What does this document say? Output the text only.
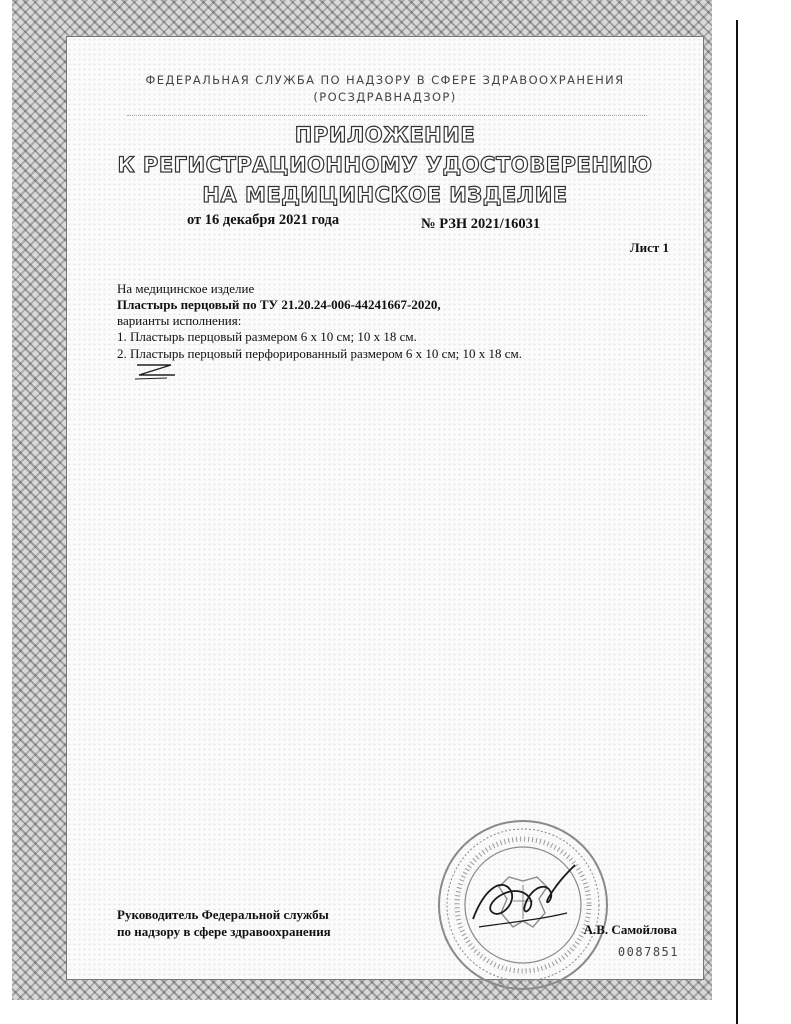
ФЕДЕРАЛЬНАЯ СЛУЖБА ПО НАДЗОРУ В СФЕРЕ ЗДРАВООХРАНЕНИЯ
(РОСЗДРАВНАДЗОР)
ПРИЛОЖЕНИЕ
К РЕГИСТРАЦИОННОМУ УДОСТОВЕРЕНИЮ
НА МЕДИЦИНСКОЕ ИЗДЕЛИЕ
от 16 декабря 2021 года	№ РЗН 2021/16031
Лист 1
На медицинское изделие
Пластырь перцовый по ТУ 21.20.24-006-44241667-2020,
варианты исполнения:
1. Пластырь перцовый размером 6 х 10 см; 10 х 18 см.
2. Пластырь перцовый перфорированный размером 6 х 10 см; 10 х 18 см.
Руководитель Федеральной службы
по надзору в сфере здравоохранения	А.В. Самойлова
0087851
